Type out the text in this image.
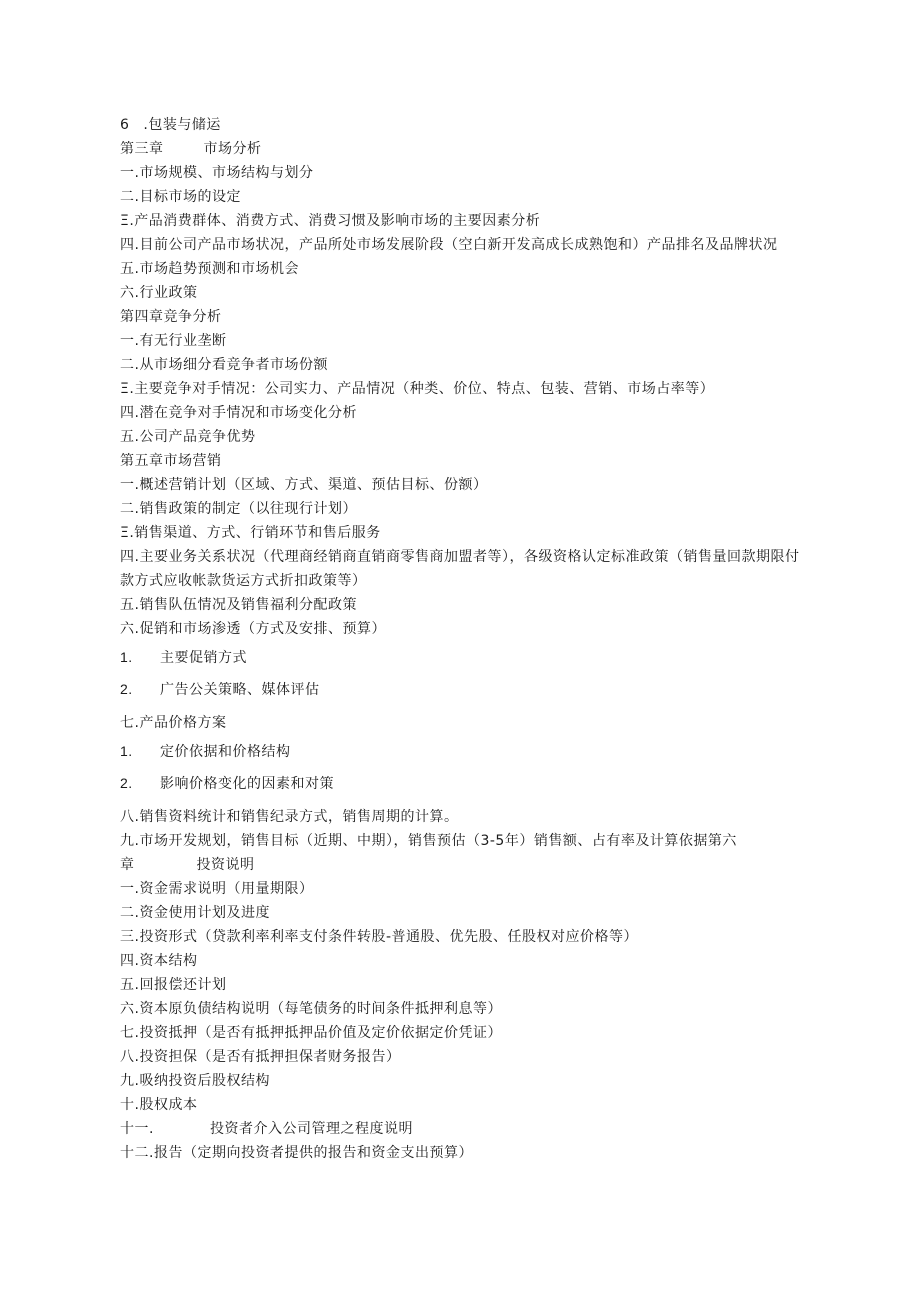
6 .包装与储运
第三章	市场分析
一.市场规模、市场结构与划分
二.目标市场的设定
Ξ.产品消费群体、消费方式、消费习惯及影响市场的主要因素分析
四.目前公司产品市场状况，产品所处市场发展阶段（空白新开发高成长成熟饱和）产品排名及品牌状况
五.市场趋势预测和市场机会
六.行业政策
第四章竞争分析
一.有无行业垄断
二.从市场细分看竞争者市场份额
Ξ.主要竞争对手情况：公司实力、产品情况（种类、价位、特点、包装、营销、市场占率等）
四.潜在竞争对手情况和市场变化分析
五.公司产品竞争优势
第五章市场营销
一.概述营销计划（区域、方式、渠道、预估目标、份额）
二.销售政策的制定（以往现行计划）
Ξ.销售渠道、方式、行销环节和售后服务
四.主要业务关系状况（代理商经销商直销商零售商加盟者等），各级资格认定标准政策（销售量回款期限付款方式应收帐款货运方式折扣政策等）
五.销售队伍情况及销售福利分配政策
六.促销和市场渗透（方式及安排、预算）
1. 主要促销方式
2. 广告公关策略、媒体评估
七.产品价格方案
1. 定价依据和价格结构
2. 影响价格变化的因素和对策
八.销售资料统计和销售纪录方式，销售周期的计算。
九.市场开发规划，销售目标（近期、中期），销售预估（3-5年）销售额、占有率及计算依据第六
章	投资说明
一.资金需求说明（用量期限）
二.资金使用计划及进度
三.投资形式（贷款利率利率支付条件转股-普通股、优先股、任股权对应价格等）
四.资本结构
五.回报偿还计划
六.资本原负债结构说明（每笔债务的时间条件抵押利息等）
七.投资抵押（是否有抵押抵押品价值及定价依据定价凭证）
八.投资担保（是否有抵押担保者财务报告）
九.吸纳投资后股权结构
十.股权成本
十一.	投资者介入公司管理之程度说明
十二.报告（定期向投资者提供的报告和资金支出预算）
